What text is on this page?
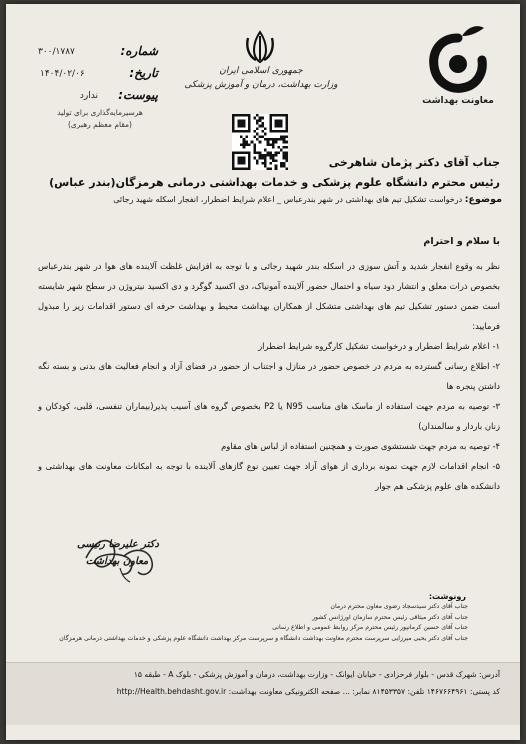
معاونت بهداشت
جمهوری اسلامی ایران
وزارت بهداشت، درمان و آموزش پزشکی
شماره:
۳۰۰/۱۷۸۷
تاریخ:
۱۴۰۴/۰۲/۰۶
پیوست:
ندارد
هرسیرمایه‌گذاری برای تولید
(مقام معظم رهبری)
جناب آقای دکتر پژمان شاهرخی
رئیس محترم دانشگاه علوم پزشکی و خدمات بهداشتی درمانی هرمزگان(بندر عباس)
موضوع: درخواست تشکیل تیم های بهداشتی در شهر بندرعباس _ اعلام شرایط اضطرار، انفجار اسکله شهید رجائی
با سلام و احترام

نظر به وقوع انفجار شدید و آتش سوزی در اسکله بندر شهید رجائی و با توجه به افزایش غلظت آلاینده های هوا در شهر بندرعباس بخصوص ذرات معلق و انتشار دود سیاه و احتمال حضور آلاینده آمونیاک، دی اکسید گوگرد و دی اکسید نیتروژن در سطح شهر شایسته است ضمن دستور تشکیل تیم های بهداشتی متشکل از همکاران بهداشت محیط و بهداشت حرفه ای دستور اقدامات زیر را مبذول فرمایید:

۱- اعلام شرایط اضطرار و درخواست تشکیل کارگروه شرایط اضطرار

۲- اطلاع رسانی گسترده به مردم در خصوص حضور در منازل و اجتناب از حضور در فضای آزاد و انجام فعالیت های بدنی و بسته نگه داشتن پنجره ها

۳- توصیه به مردم جهت استفاده از ماسک های مناسب N95 یا P2 بخصوص گروه های آسیب پذیر(بیماران تنفسی، قلبی، کودکان و زنان باردار و سالمندان)

۴- توصیه به مردم جهت شستشوی صورت و همچنین استفاده از لباس های مقاوم

۵- انجام اقدامات لازم جهت نمونه برداری از هوای آزاد جهت تعیین نوع گازهای آلاینده با توجه به امکانات معاونت های بهداشتی و دانشکده های علوم پزشکی هم جوار

دکتر علیرضا رئیسی
معاون بهداشت
رونوشت:
جناب آقای دکتر سیدسجاد رضوی معاون محترم درمان
جناب آقای دکتر میثاقی رئیس محترم سازمان اورژانس کشور
جناب آقای حسین کرمانپور رئیس محترم مرکز روابط عمومی و اطلاع رسانی
جناب آقای دکتر یحیی میرزایی سرپرست محترم معاونت بهداشت دانشگاه و سرپرست مرکز بهداشت دانشگاه علوم پزشکی و خدمات بهداشتی درمانی هرمزگان
آدرس: شهرک قدس - بلوار فرحزادی - خیابان ایوانک - وزارت بهداشت، درمان و آموزش پزشکی - بلوک A - طبقه ۱۵
کد پستی: ۱۴۶۷۶۶۴۹۶۱ تلفن: ۸۱۴۵۳۳۵۷ نمابر: ... صفحه الکترونیکی معاونت بهداشت: http://Health.behdasht.gov.ir
